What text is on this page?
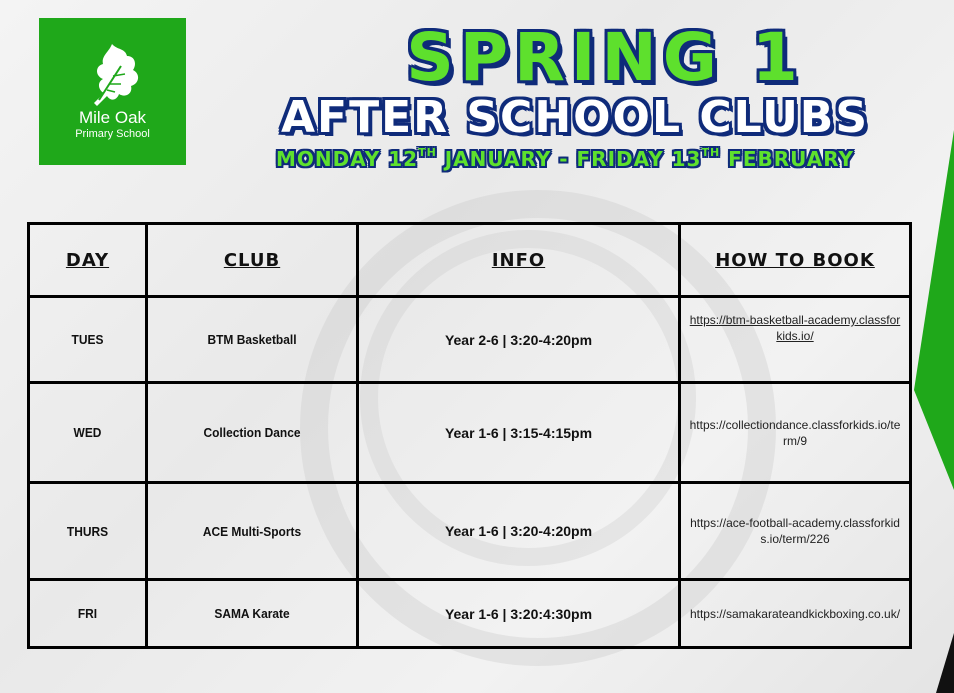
Mile Oak
Primary School
SPRING 1
AFTER SCHOOL CLUBS
MONDAY 12TH JANUARY - FRIDAY 13TH FEBRUARY
DAY	CLUB	INFO	HOW TO BOOK

TUES	BTM Basketball	Year 2-6 | 3:20-4:20pm	https://btm-basketball-academy.classforkids.io/

WED	Collection Dance	Year 1-6 | 3:15-4:15pm	https://collectiondance.classforkids.io/term/9

THURS	ACE Multi-Sports	Year 1-6 | 3:20-4:20pm	https://ace-football-academy.classforkids.io/term/226

FRI	SAMA Karate	Year 1-6 | 3:20:4:30pm	https://samakarateandkickboxing.co.uk/
